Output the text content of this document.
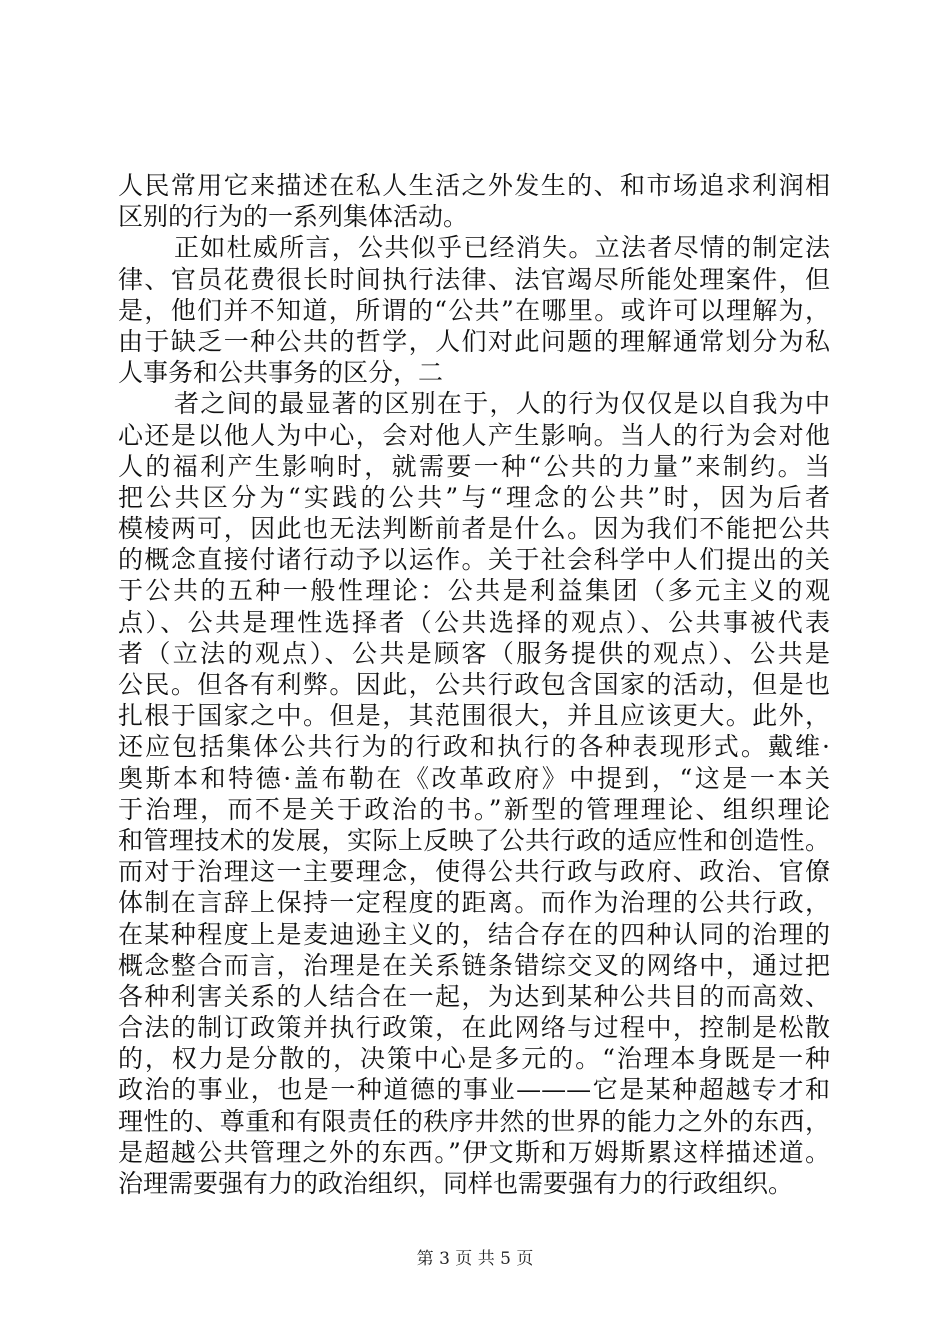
人民常用它来描述在私人生活之外发生的、和市场追求利润相
区别的行为的一系列集体活动。
正如杜威所言，公共似乎已经消失。立法者尽情的制定法
律、官员花费很长时间执行法律、法官竭尽所能处理案件，但
是，他们并不知道，所谓的“公共”在哪里。或许可以理解为，
由于缺乏一种公共的哲学，人们对此问题的理解通常划分为私
人事务和公共事务的区分，二
者之间的最显著的区别在于，人的行为仅仅是以自我为中
心还是以他人为中心，会对他人产生影响。当人的行为会对他
人的福利产生影响时，就需要一种“公共的力量”来制约。当
把公共区分为“实践的公共”与“理念的公共”时，因为后者
模棱两可，因此也无法判断前者是什么。因为我们不能把公共
的概念直接付诸行动予以运作。关于社会科学中人们提出的关
于公共的五种一般性理论：公共是利益集团（多元主义的观
点）、公共是理性选择者（公共选择的观点）、公共事被代表
者（立法的观点）、公共是顾客（服务提供的观点）、公共是
公民。但各有利弊。因此，公共行政包含国家的活动，但是也
扎根于国家之中。但是，其范围很大，并且应该更大。此外，
还应包括集体公共行为的行政和执行的各种表现形式。戴维·
奥斯本和特德·盖布勒在《改革政府》中提到，“这是一本关
于治理，而不是关于政治的书。”新型的管理理论、组织理论
和管理技术的发展，实际上反映了公共行政的适应性和创造性。
而对于治理这一主要理念，使得公共行政与政府、政治、官僚
体制在言辞上保持一定程度的距离。而作为治理的公共行政，
在某种程度上是麦迪逊主义的，结合存在的四种认同的治理的
概念整合而言，治理是在关系链条错综交叉的网络中，通过把
各种利害关系的人结合在一起，为达到某种公共目的而高效、
合法的制订政策并执行政策，在此网络与过程中，控制是松散
的，权力是分散的，决策中心是多元的。“治理本身既是一种
政治的事业，也是一种道德的事业———它是某种超越专才和
理性的、尊重和有限责任的秩序井然的世界的能力之外的东西，
是超越公共管理之外的东西。”伊文斯和万姆斯累这样描述道。
治理需要强有力的政治组织，同样也需要强有力的行政组织。
第 3 页 共 5 页
